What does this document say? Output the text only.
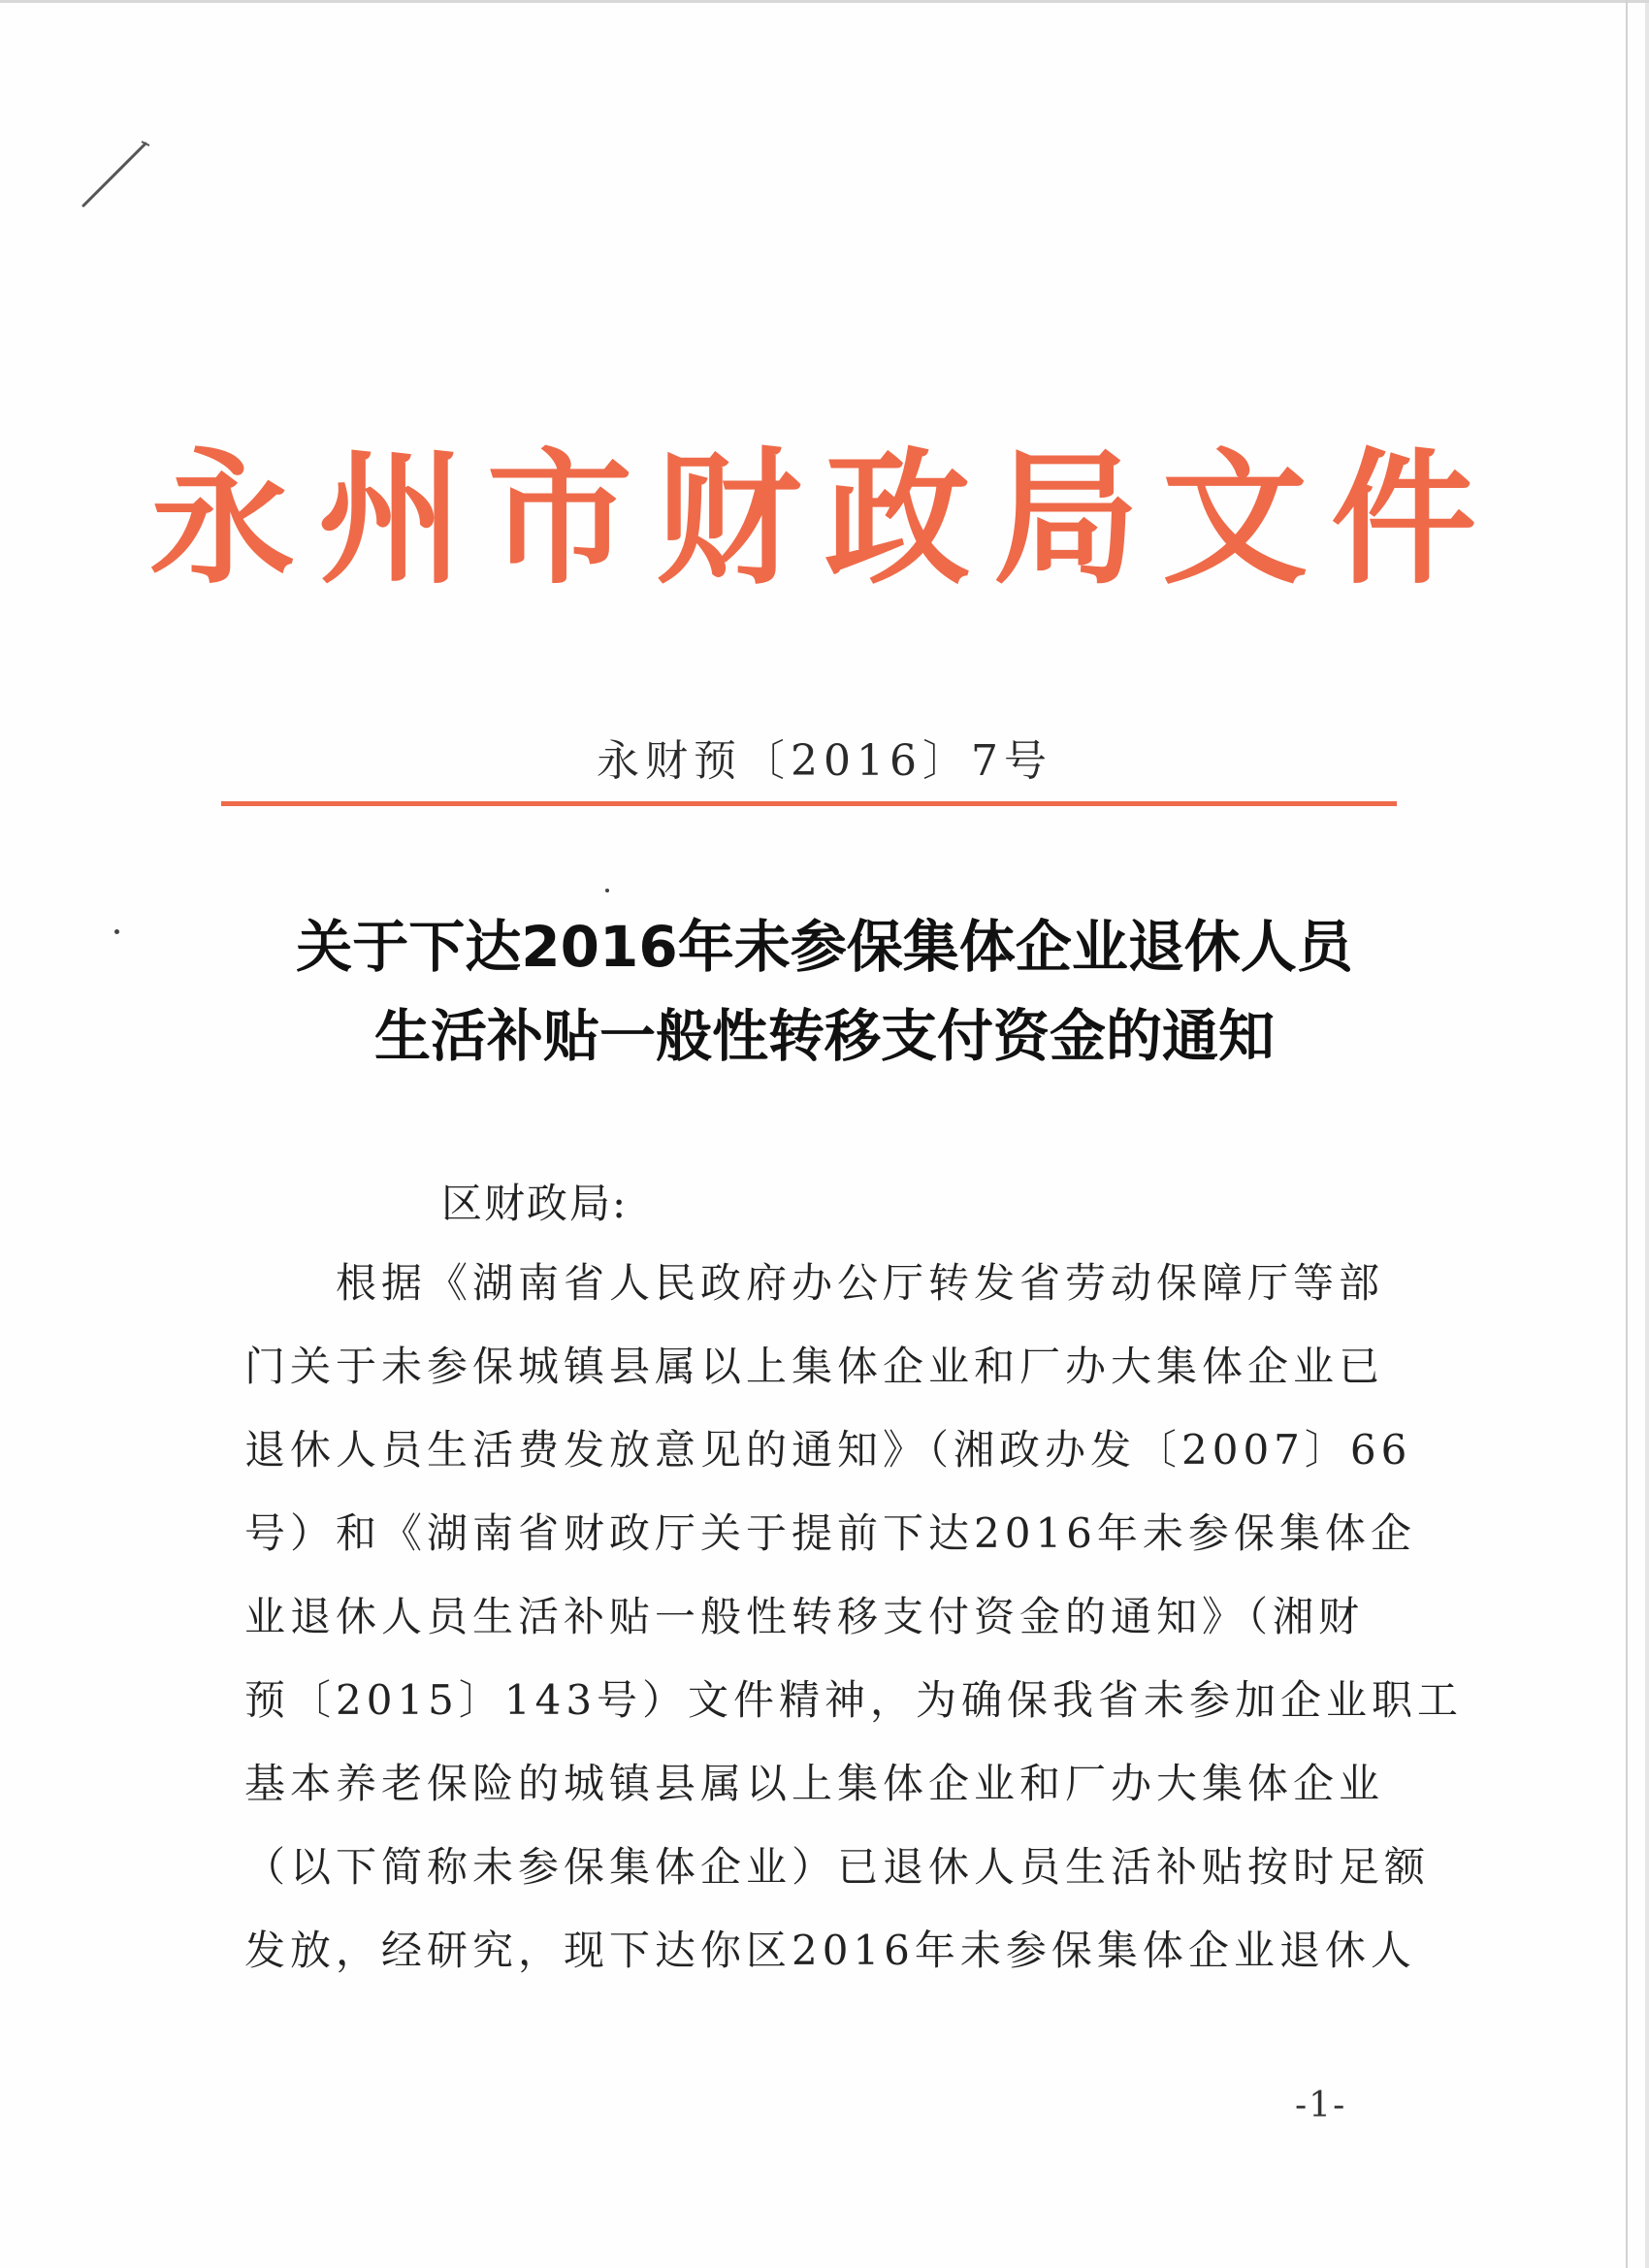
永州市财政局文件
永财预〔2016〕7号
关于下达2016年未参保集体企业退休人员
生活补贴一般性转移支付资金的通知
区财政局:
　　根据《湖南省人民政府办公厅转发省劳动保障厅等部
门关于未参保城镇县属以上集体企业和厂办大集体企业已
退休人员生活费发放意见的通知》（湘政办发〔2007〕66
号）和《湖南省财政厅关于提前下达2016年未参保集体企
业退休人员生活补贴一般性转移支付资金的通知》（湘财
预〔2015〕143号）文件精神，为确保我省未参加企业职工
基本养老保险的城镇县属以上集体企业和厂办大集体企业
（以下简称未参保集体企业）已退休人员生活补贴按时足额
发放，经研究，现下达你区2016年未参保集体企业退休人
-1-
